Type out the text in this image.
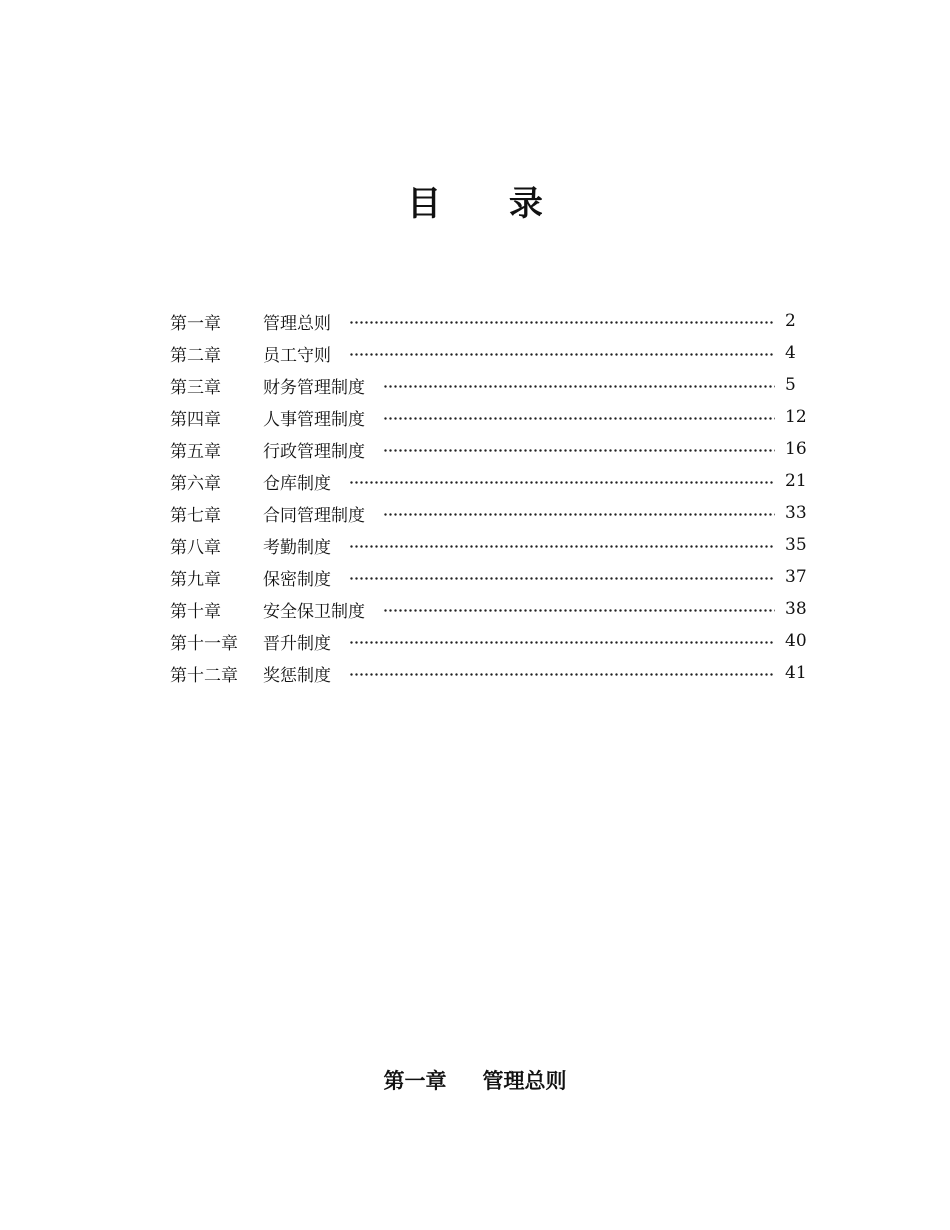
目 录
第一章	管理总则	2
第二章	员工守则	4
第三章	财务管理制度	5
第四章	人事管理制度	12
第五章	行政管理制度	16
第六章	仓库制度	21
第七章	合同管理制度	33
第八章	考勤制度	35
第九章	保密制度	37
第十章	安全保卫制度	38
第十一章	晋升制度	40
第十二章	奖惩制度	41
第一章 管理总则
